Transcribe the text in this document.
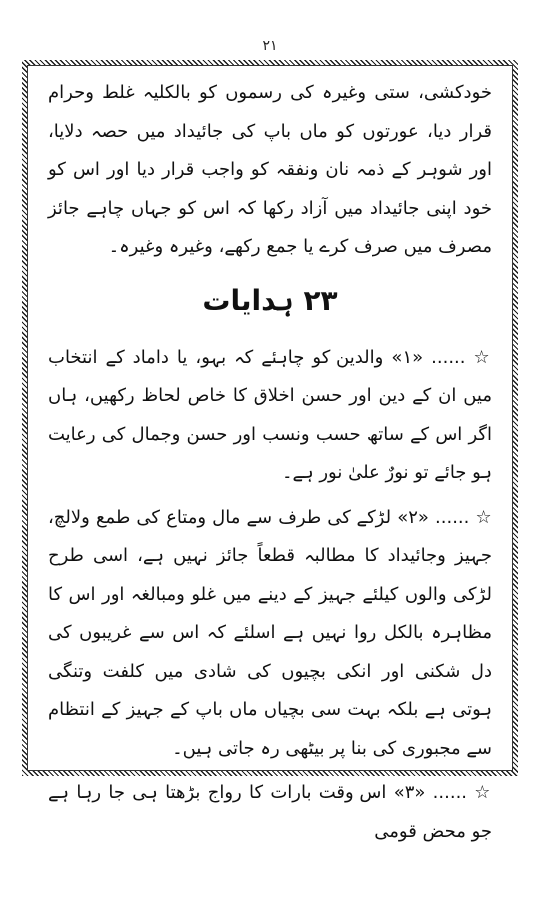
۲۱

خودکشی، ستی وغیرہ کی رسموں کو بالکلیہ غلط وحرام قرار دیا، عورتوں کو ماں باپ کی جائیداد میں حصہ دلایا، اور شوہر کے ذمہ نان ونفقہ کو واجب قرار دیا اور اس کو خود اپنی جائیداد میں آزاد رکھا کہ اس کو جہاں چاہے جائز مصرف میں صرف کرے یا جمع رکھے، وغیرہ وغیرہ۔

۲۳ ہدایات

☆ ...... «۱» والدین کو چاہئے کہ بہو، یا داماد کے انتخاب میں ان کے دین اور حسن اخلاق کا خاص لحاظ رکھیں، ہاں اگر اس کے ساتھ حسب ونسب اور حسن وجمال کی رعایت ہو جائے تو نورٌ علیٰ نور ہے۔

☆ ...... «۲» لڑکے کی طرف سے مال ومتاع کی طمع ولالچ، جہیز وجائیداد کا مطالبہ قطعاً جائز نہیں ہے، اسی طرح لڑکی والوں کیلئے جہیز کے دینے میں غلو ومبالغہ اور اس کا مظاہرہ بالکل روا نہیں ہے اسلئے کہ اس سے غریبوں کی دل شکنی اور انکی بچیوں کی شادی میں کلفت وتنگی ہوتی ہے بلکہ بہت سی بچیاں ماں باپ کے جہیز کے انتظام سے مجبوری کی بنا پر بیٹھی رہ جاتی ہیں۔

☆ ...... «۳» اس وقت بارات کا رواج بڑھتا ہی جا رہا ہے جو محض قومی
